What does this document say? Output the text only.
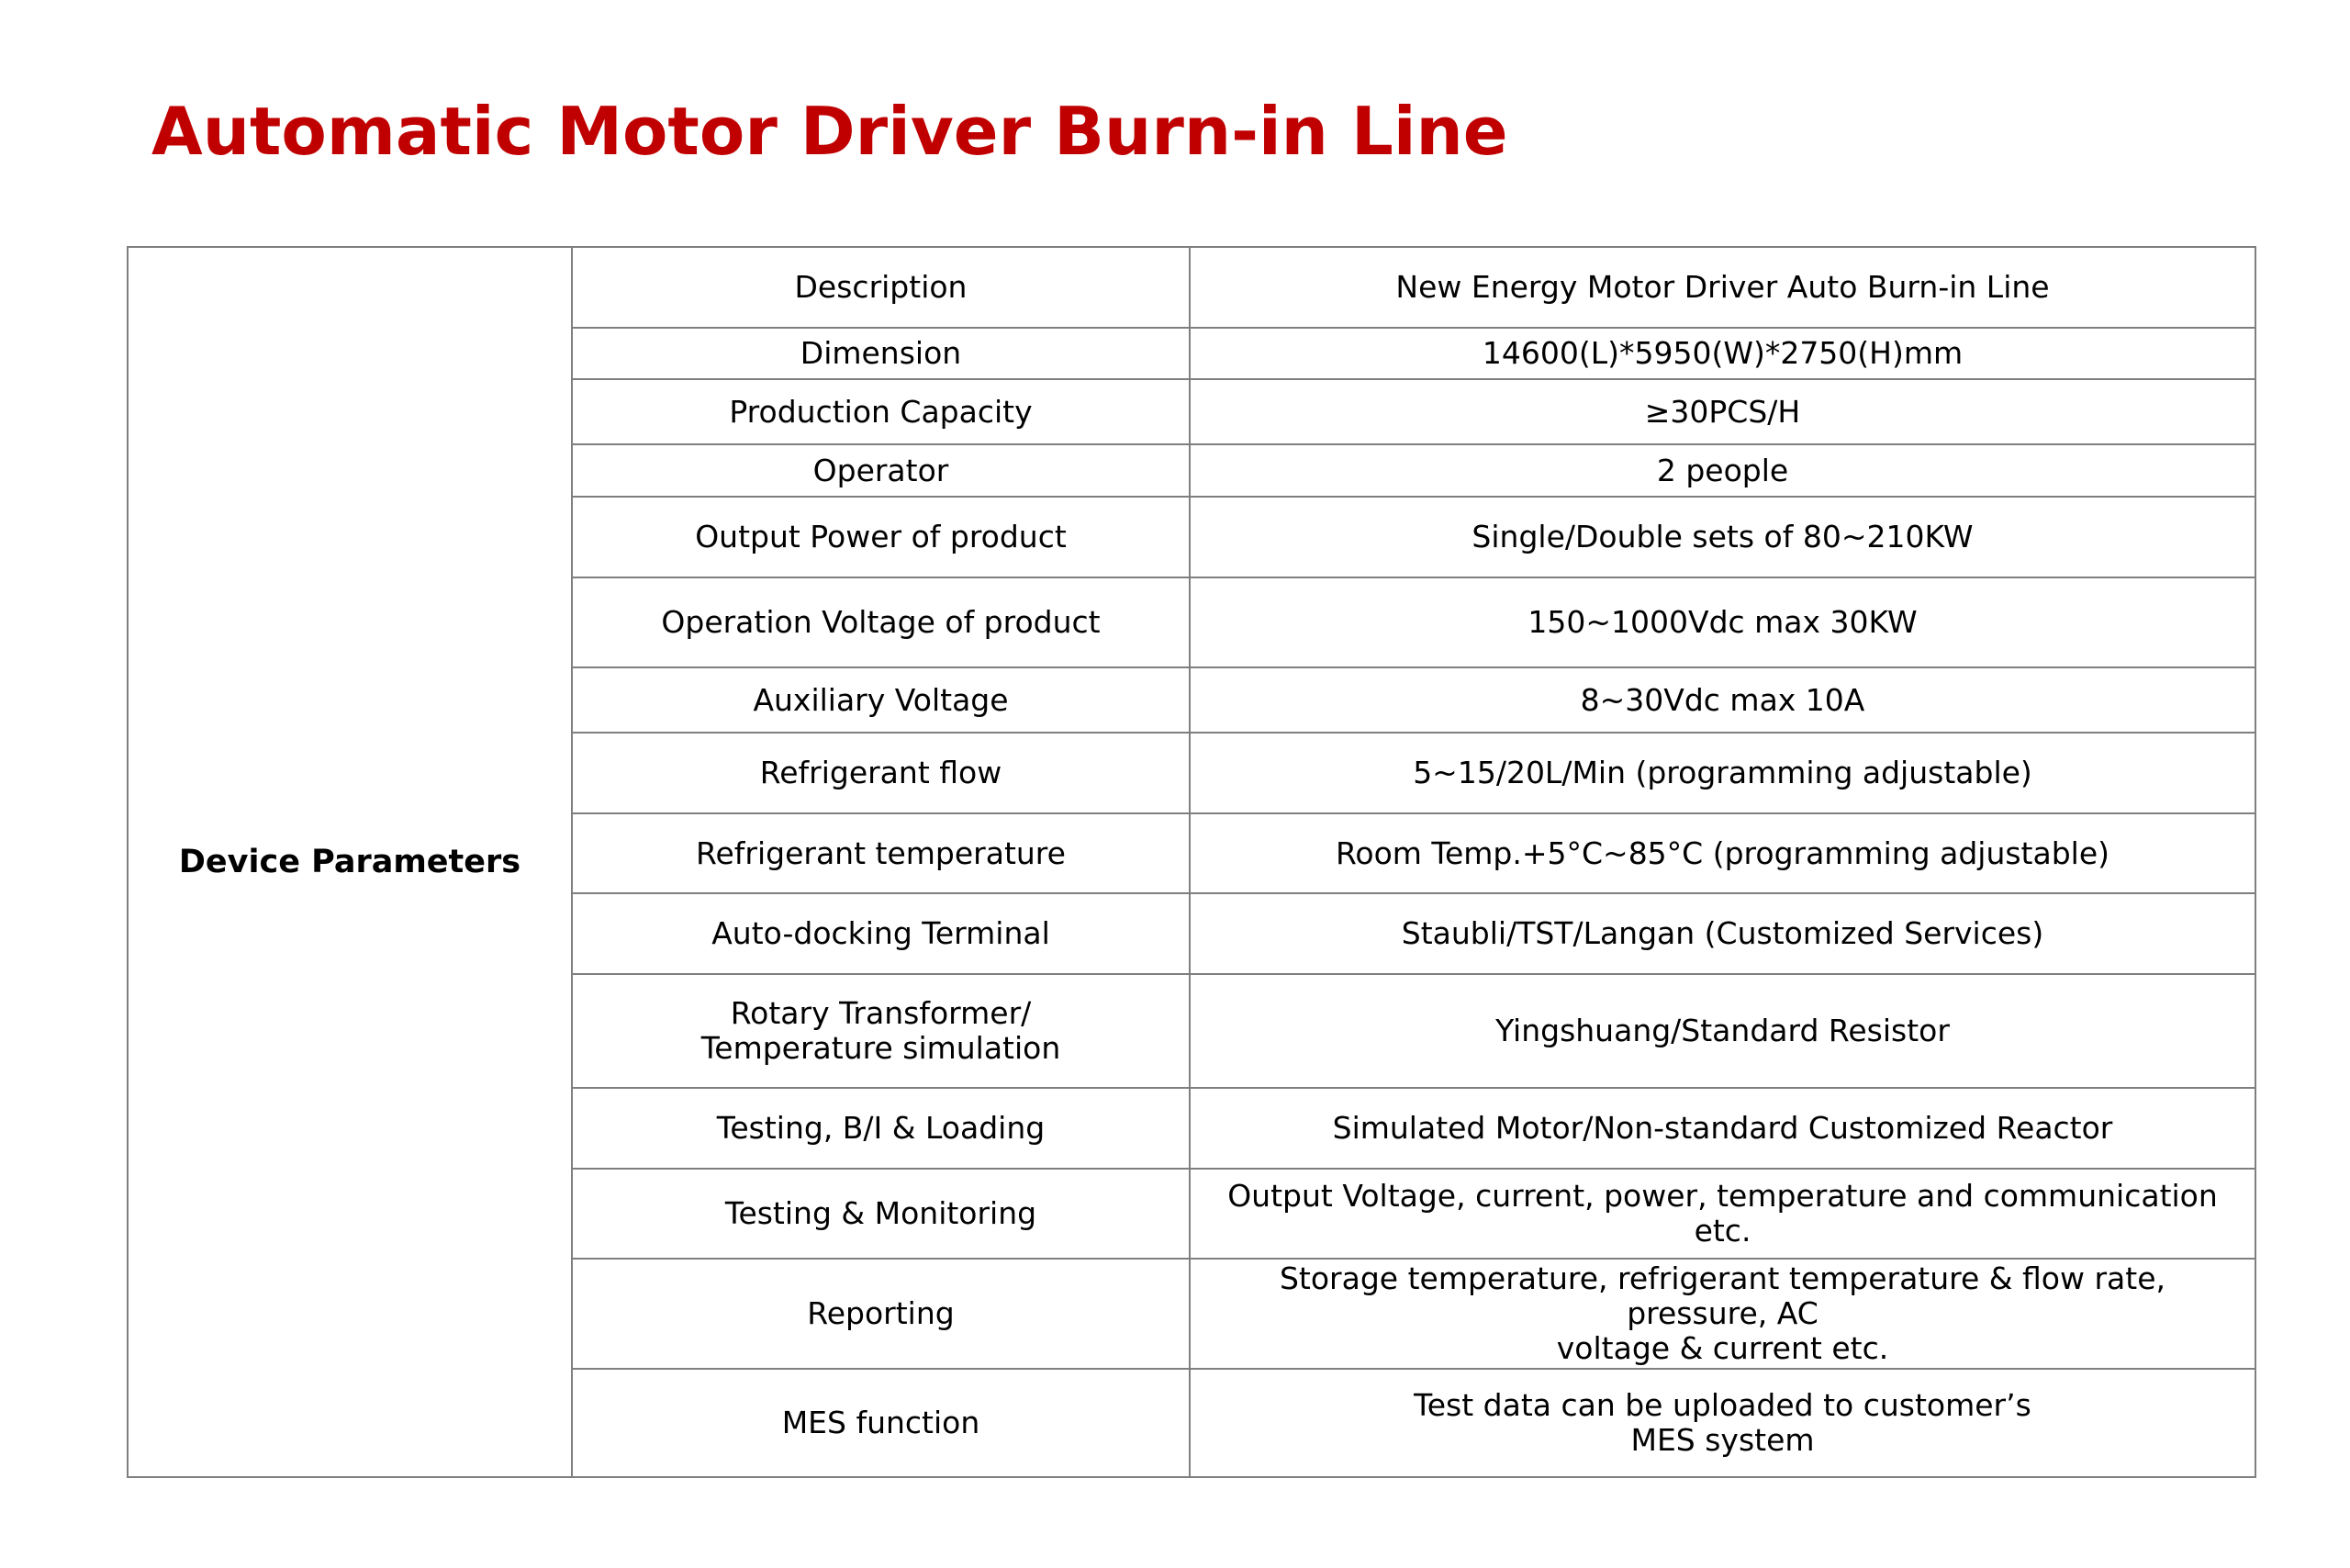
Automatic Motor Driver Burn-in Line
Device Parameters	Description	New Energy Motor Driver Auto Burn-in Line
	Dimension	14600(L)*5950(W)*2750(H)mm
	Production Capacity	≥30PCS/H
	Operator	2 people
	Output Power of product	Single/Double sets of 80~210KW
	Operation Voltage of product	150~1000Vdc max 30KW
	Auxiliary Voltage	8~30Vdc max 10A
	Refrigerant flow	5~15/20L/Min (programming adjustable)
	Refrigerant temperature	Room Temp.+5°C~85°C (programming adjustable)
	Auto-docking Terminal	Staubli/TST/Langan (Customized Services)
	Rotary Transformer/
Temperature simulation	Yingshuang/Standard Resistor
	Testing, B/I & Loading	Simulated Motor/Non-standard Customized Reactor
	Testing & Monitoring	Output Voltage, current, power, temperature and communication etc.
	Reporting	Storage temperature, refrigerant temperature & flow rate, pressure, AC
voltage & current etc.
	MES function	Test data can be uploaded to customer’s
MES system
